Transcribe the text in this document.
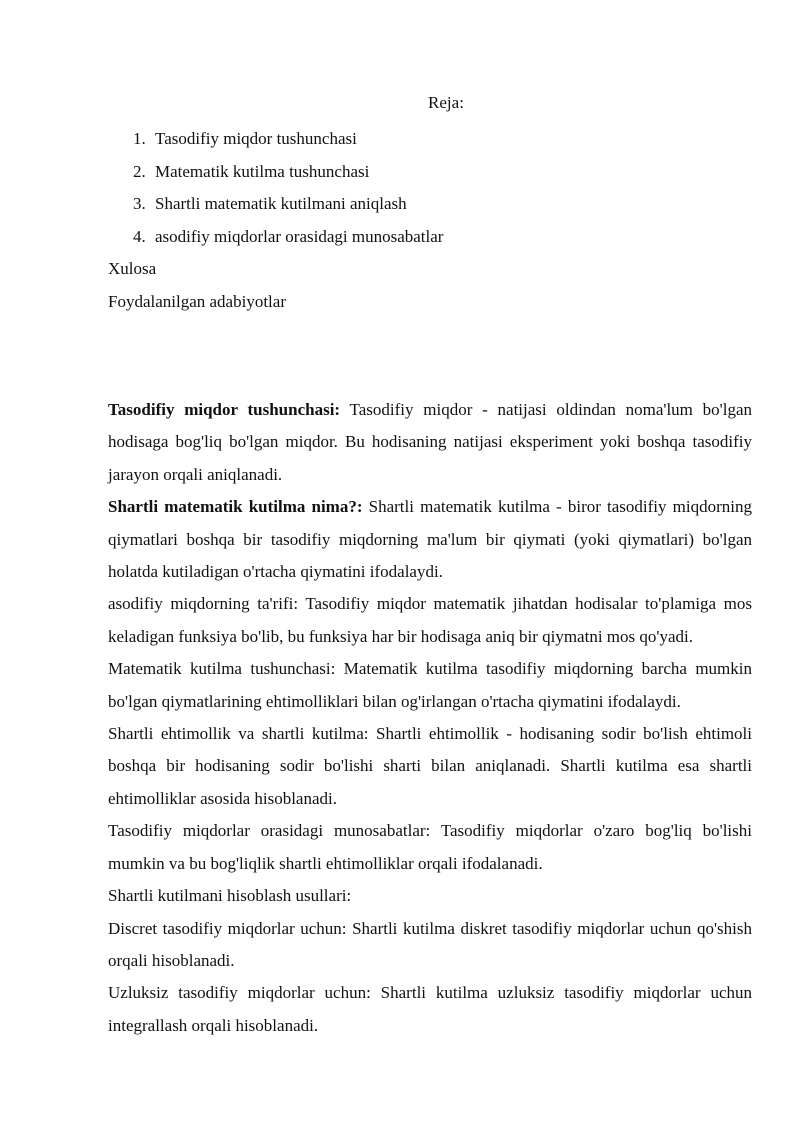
Reja:
1. Tasodifiy miqdor tushunchasi
2. Matematik kutilma tushunchasi
3. Shartli matematik kutilmani aniqlash
4. asodifiy miqdorlar orasidagi munosabatlar

Xulosa

Foydalanilgan adabiyotlar

Tasodifiy miqdor tushunchasi: Tasodifiy miqdor - natijasi oldindan noma'lum bo'lgan hodisaga bog'liq bo'lgan miqdor. Bu hodisaning natijasi eksperiment yoki boshqa tasodifiy jarayon orqali aniqlanadi.

Shartli matematik kutilma nima?: Shartli matematik kutilma - biror tasodifiy miqdorning qiymatlari boshqa bir tasodifiy miqdorning ma'lum bir qiymati (yoki qiymatlari) bo'lgan holatda kutiladigan o'rtacha qiymatini ifodalaydi.

asodifiy miqdorning ta'rifi: Tasodifiy miqdor matematik jihatdan hodisalar to'plamiga mos keladigan funksiya bo'lib, bu funksiya har bir hodisaga aniq bir qiymatni mos qo'yadi.

Matematik kutilma tushunchasi: Matematik kutilma tasodifiy miqdorning barcha mumkin bo'lgan qiymatlarining ehtimolliklari bilan og'irlangan o'rtacha qiymatini ifodalaydi.

Shartli ehtimollik va shartli kutilma: Shartli ehtimollik - hodisaning sodir bo'lish ehtimoli boshqa bir hodisaning sodir bo'lishi sharti bilan aniqlanadi. Shartli kutilma esa shartli ehtimolliklar asosida hisoblanadi.

Tasodifiy miqdorlar orasidagi munosabatlar: Tasodifiy miqdorlar o'zaro bog'liq bo'lishi mumkin va bu bog'liqlik shartli ehtimolliklar orqali ifodalanadi.

Shartli kutilmani hisoblash usullari:

Discret tasodifiy miqdorlar uchun: Shartli kutilma diskret tasodifiy miqdorlar uchun qo'shish orqali hisoblanadi.

Uzluksiz tasodifiy miqdorlar uchun: Shartli kutilma uzluksiz tasodifiy miqdorlar uchun integrallash orqali hisoblanadi.
